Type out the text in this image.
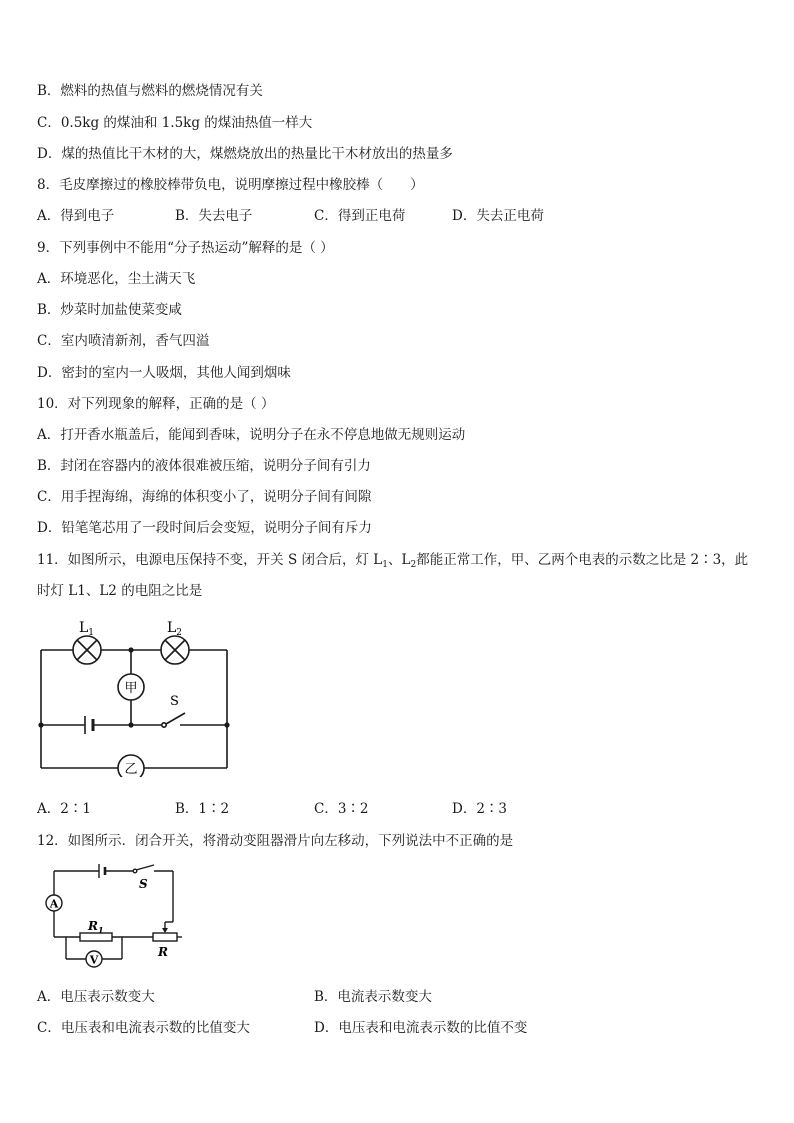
B．燃料的热值与燃料的燃烧情况有关
C．0.5kg 的煤油和 1.5kg 的煤油热值一样大
D．煤的热值比干木材的大，煤燃烧放出的热量比干木材放出的热量多
8．毛皮摩擦过的橡胶棒带负电，说明摩擦过程中橡胶棒（　　）
A．得到电子	B．失去电子	C．得到正电荷	D．失去正电荷
9．下列事例中不能用“分子热运动”解释的是（ ）
A．环境恶化，尘土满天飞
B．炒菜时加盐使菜变咸
C．室内喷清新剂，香气四溢
D．密封的室内一人吸烟，其他人闻到烟味
10．对下列现象的解释，正确的是（ ）
A．打开香水瓶盖后，能闻到香味，说明分子在永不停息地做无规则运动
B．封闭在容器内的液体很难被压缩，说明分子间有引力
C．用手捏海绵，海绵的体积变小了，说明分子间有间隙
D．铅笔笔芯用了一段时间后会变短，说明分子间有斥力
11．如图所示，电源电压保持不变，开关 S 闭合后，灯 $L_1$、$L_2$都能正常工作，甲、乙两个电表的示数之比是 2∶3，此
时灯 L1、L2 的电阻之比是
$L_1$	$L_2$
甲
乙
S
A．2∶1	B．1∶2	C．3∶2	D．2∶3
12．如图所示．闭合开关，将滑动变阻器滑片向左移动，下列说法中不正确的是
S
A
$R_1$
R
V
A．电压表示数变大	B．电流表示数变大
C．电压表和电流表示数的比值变大	D．电压表和电流表示数的比值不变
